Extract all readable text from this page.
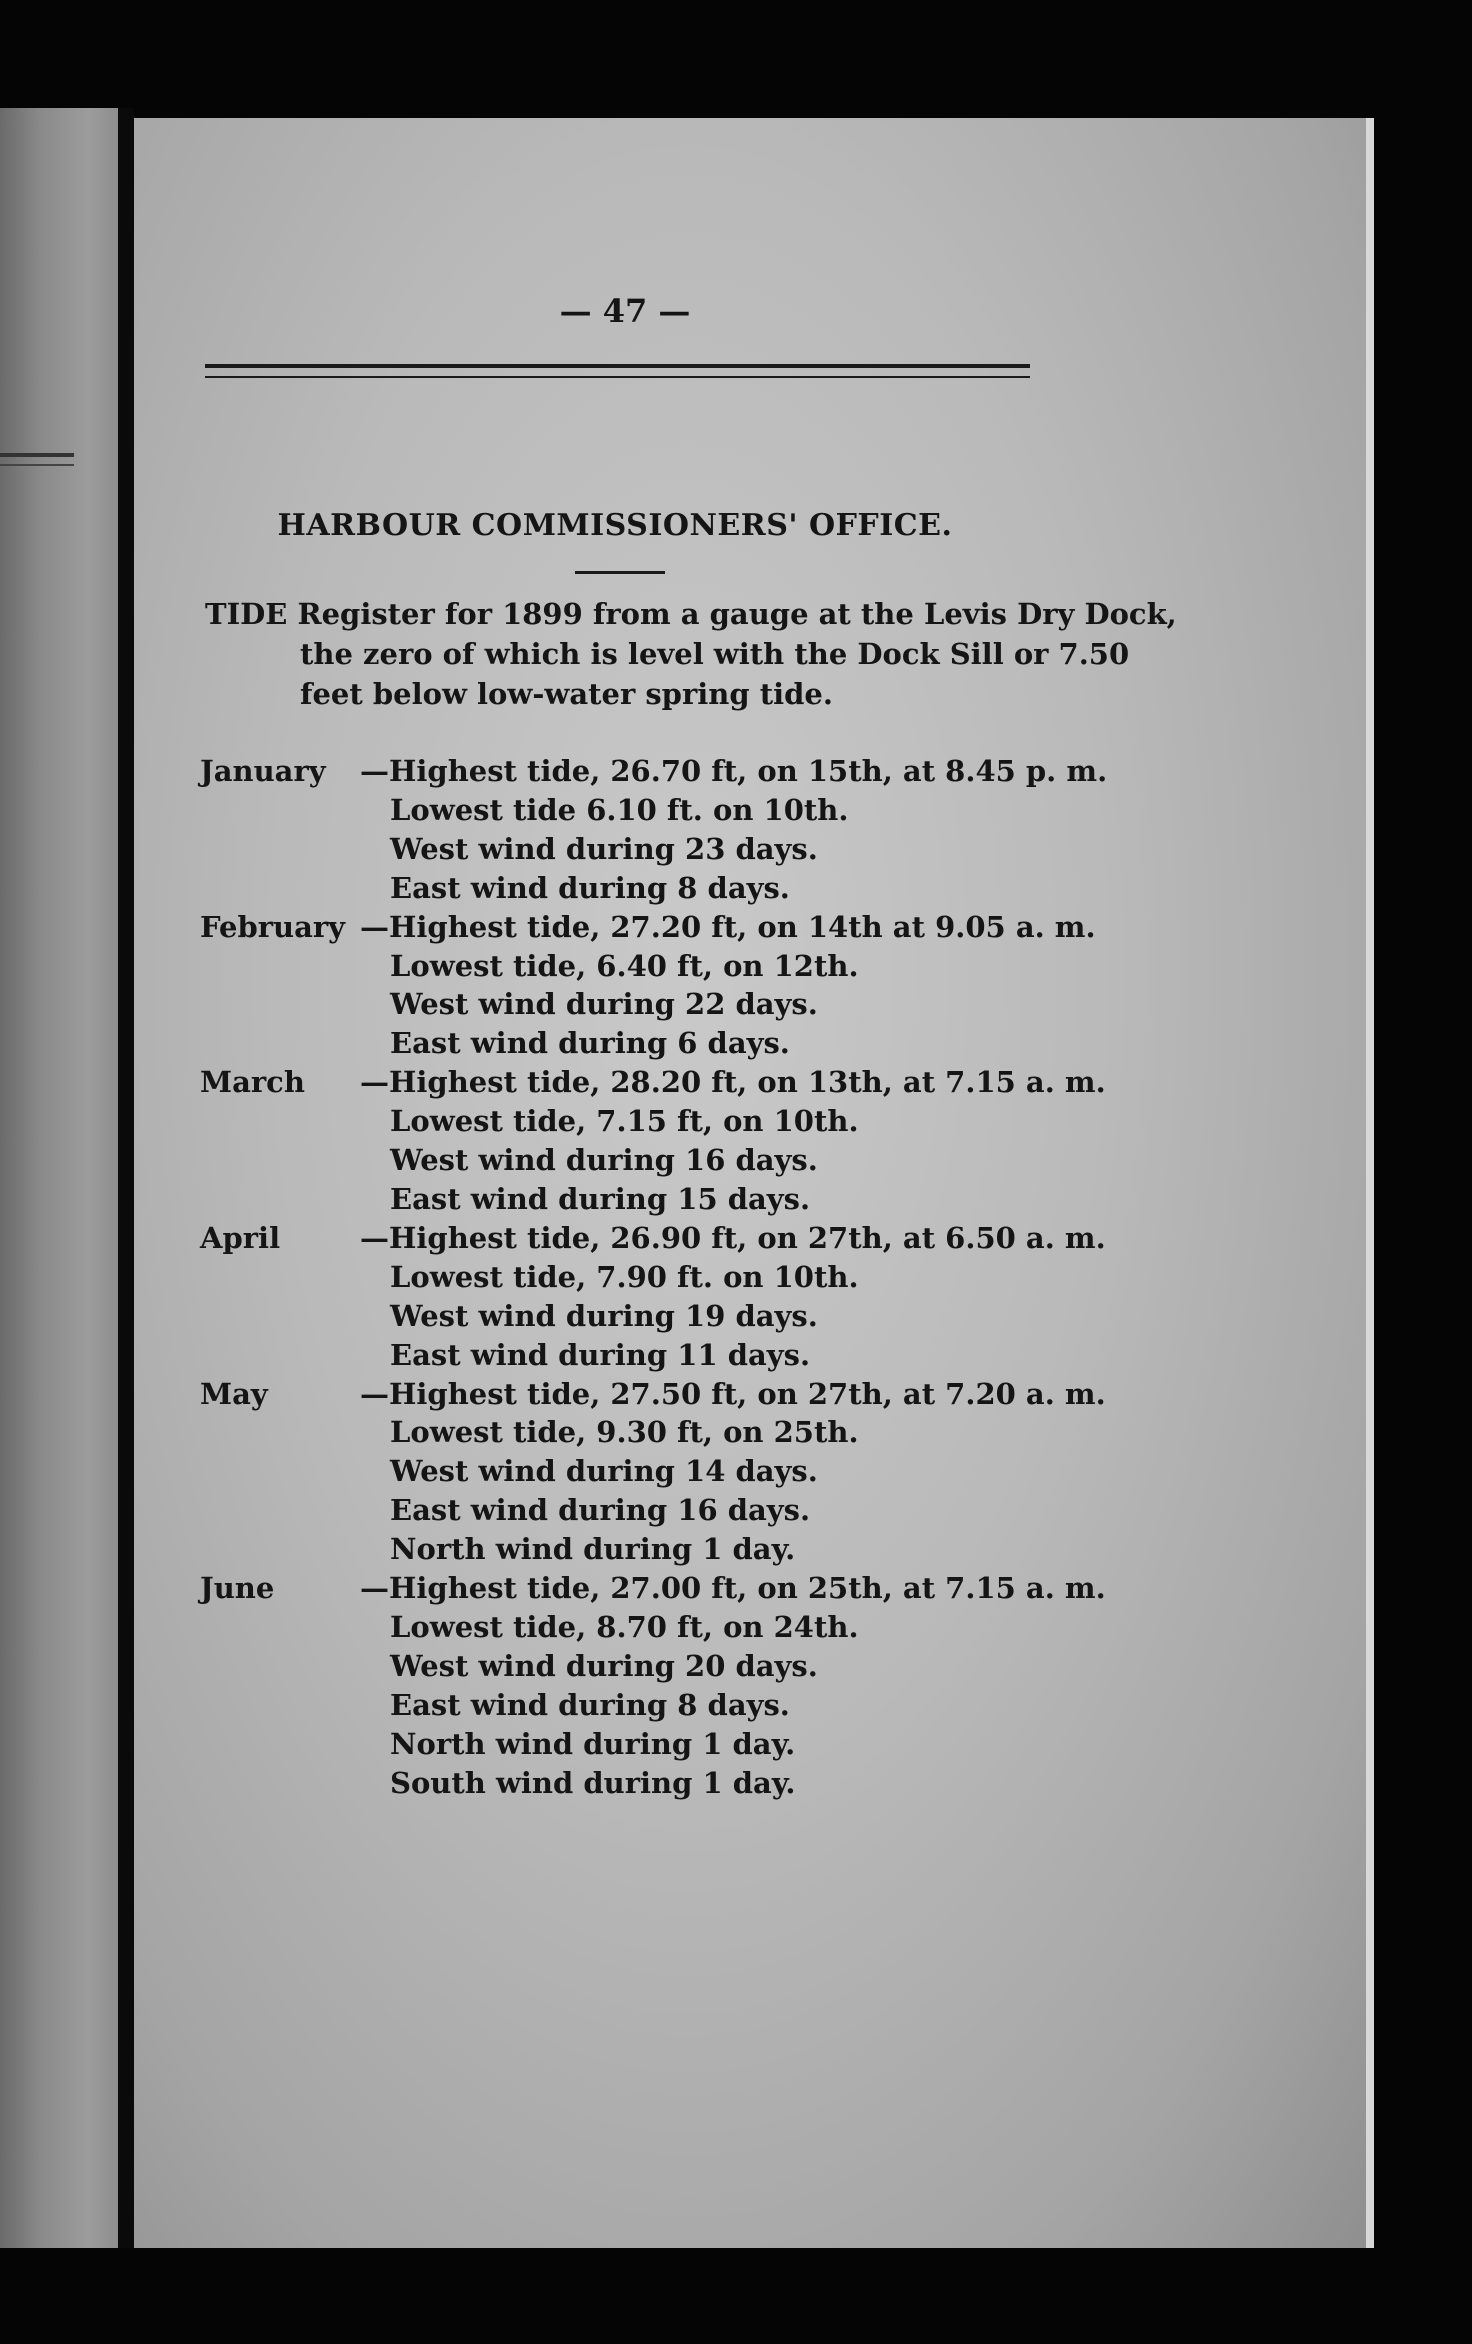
— 47 —
HARBOUR COMMISSIONERS' OFFICE.
TIDE Register for 1899 from a gauge at the Levis Dry Dock,
the zero of which is level with the Dock Sill or 7.50
feet below low-water spring tide.
January —Highest tide, 26.70 ft, on 15th, at 8.45 p. m.
Lowest tide 6.10 ft. on 10th.
West wind during 23 days.
East wind during 8 days.
February —Highest tide, 27.20 ft, on 14th at 9.05 a. m.
Lowest tide, 6.40 ft, on 12th.
West wind during 22 days.
East wind during 6 days.
March —Highest tide, 28.20 ft, on 13th, at 7.15 a. m.
Lowest tide, 7.15 ft, on 10th.
West wind during 16 days.
East wind during 15 days.
April	—Highest tide, 26.90 ft, on 27th, at 6.50 a. m.
Lowest tide, 7.90 ft. on 10th.
West wind during 19 days.
East wind during 11 days.
May	—Highest tide, 27.50 ft, on 27th, at 7.20 a. m.
Lowest tide, 9.30 ft, on 25th.
West wind during 14 days.
East wind during 16 days.
North wind during 1 day.
June	—Highest tide, 27.00 ft, on 25th, at 7.15 a. m.
Lowest tide, 8.70 ft, on 24th.
West wind during 20 days.
East wind during 8 days.
North wind during 1 day.
South wind during 1 day.
